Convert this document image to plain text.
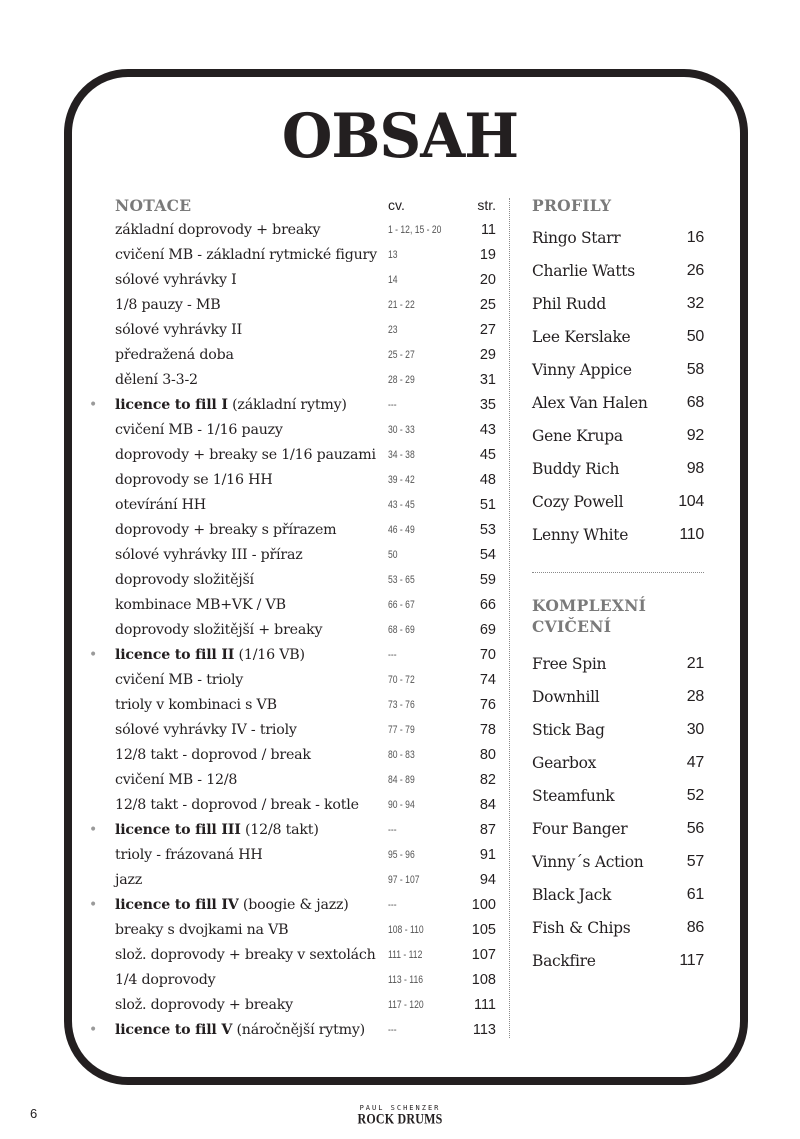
OBSAH
NOTACE	cv.	str.
základní doprovody + breaky	1 - 12, 15 - 20	11
cvičení MB - základní rytmické figury	13	19
sólové vyhrávky I	14	20
1/8 pauzy - MB	21 - 22	25
sólové vyhrávky II	23	27
předražená doba	25 - 27	29
dělení 3-3-2	28 - 29	31
•	licence to fill I (základní rytmy)	---	35
cvičení MB - 1/16 pauzy	30 - 33	43
doprovody + breaky se 1/16 pauzami	34 - 38	45
doprovody se 1/16 HH	39 - 42	48
otevírání HH	43 - 45	51
doprovody + breaky s přírazem	46 - 49	53
sólové vyhrávky III - příraz	50	54
doprovody složitější	53 - 65	59
kombinace MB+VK / VB	66 - 67	66
doprovody složitější + breaky	68 - 69	69
•	licence to fill II (1/16 VB)	---	70
cvičení MB - trioly	70 - 72	74
trioly v kombinaci s VB	73 - 76	76
sólové vyhrávky IV - trioly	77 - 79	78
12/8 takt - doprovod / break	80 - 83	80
cvičení MB - 12/8	84 - 89	82
12/8 takt - doprovod / break - kotle	90 - 94	84
•	licence to fill III (12/8 takt)	---	87
trioly - frázovaná HH	95 - 96	91
jazz	97 - 107	94
•	licence to fill IV (boogie & jazz)	---	100
breaky s dvojkami na VB	108 - 110	105
slož. doprovody + breaky v sextolách	111 - 112	107
1/4 doprovody	113 - 116	108
slož. doprovody + breaky	117 - 120	111
•	licence to fill V (náročnější rytmy)	---	113
PROFILY
Ringo Starr	16
Charlie Watts	26
Phil Rudd	32
Lee Kerslake	50
Vinny Appice	58
Alex Van Halen	68
Gene Krupa	92
Buddy Rich	98
Cozy Powell	104
Lenny White	110
KOMPLEXNÍ
CVIČENÍ
Free Spin	21
Downhill	28
Stick Bag	30
Gearbox	47
Steamfunk	52
Four Banger	56
Vinny´s Action	57
Black Jack	61
Fish & Chips	86
Backfire	117
6	PAUL SCHENZER
ROCK DRUMS
